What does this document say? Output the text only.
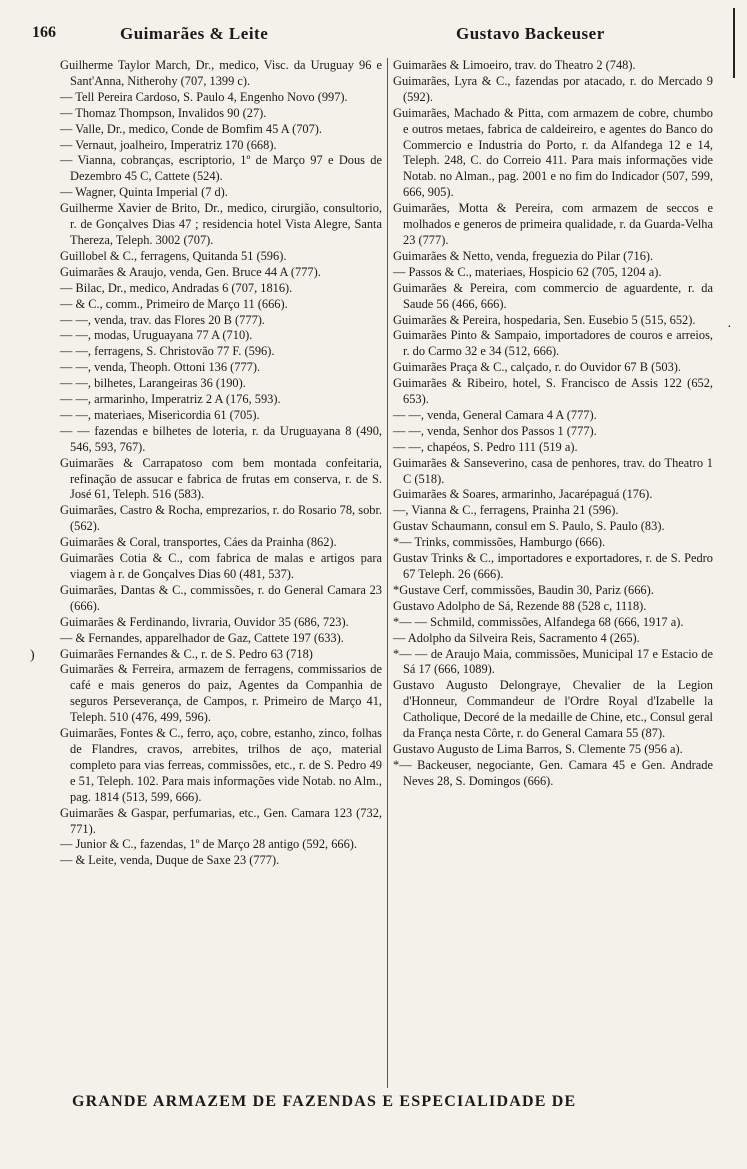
166	Guimarães & Leite	Gustavo Backeuser

Guilherme Taylor March, Dr., medico, Visc. da Uruguay 96 e Sant'Anna, Nitherohy (707, 1399 c).

— Tell Pereira Cardoso, S. Paulo 4, Engenho Novo (997).

— Thomaz Thompson, Invalidos 90 (27).

— Valle, Dr., medico, Conde de Bomfim 45 A (707).

— Vernaut, joalheiro, Imperatriz 170 (668).

— Vianna, cobranças, escriptorio, 1º de Março 97 e Dous de Dezembro 45 C, Cattete (524).

— Wagner, Quinta Imperial (7 d).

Guilherme Xavier de Brito, Dr., medico, cirurgião, consultorio, r. de Gonçalves Dias 47 ; residencia hotel Vista Alegre, Santa Thereza, Teleph. 3002 (707).

Guillobel & C., ferragens, Quitanda 51 (596).

Guimarães & Araujo, venda, Gen. Bruce 44 A (777).

— Bilac, Dr., medico, Andradas 6 (707, 1816).

— & C., comm., Primeiro de Março 11 (666).

— —, venda, trav. das Flores 20 B (777).

— —, modas, Uruguayana 77 A (710).

— —, ferragens, S. Christovão 77 F. (596).

— —, venda, Theoph. Ottoni 136 (777).

— —, bilhetes, Larangeiras 36 (190).

— —, armarinho, Imperatriz 2 A (176, 593).

— —, materiaes, Misericordia 61 (705).

— — fazendas e bilhetes de loteria, r. da Uruguayana 8 (490, 546, 593, 767).

Guimarães & Carrapatoso com bem montada confeitaria, refinação de assucar e fabrica de frutas em conserva, r. de S. José 61, Teleph. 516 (583).

Guimarães, Castro & Rocha, emprezarios, r. do Rosario 78, sobr. (562).

Guimarães & Coral, transportes, Cáes da Prainha (862).

Guimarães Cotia & C., com fabrica de malas e artigos para viagem à r. de Gonçalves Dias 60 (481, 537).

Guimarães, Dantas & C., commissões, r. do General Camara 23 (666).

Guimarães & Ferdinando, livraria, Ouvidor 35 (686, 723).

— & Fernandes, apparelhador de Gaz, Cattete 197 (633).

Guimarães Fernandes & C., r. de S. Pedro 63 (718)

Guimarães & Ferreira, armazem de ferragens, commissarios de café e mais generos do paiz, Agentes da Companhia de seguros Perseverança, de Campos, r. Primeiro de Março 41, Teleph. 510 (476, 499, 596).

Guimarães, Fontes & C., ferro, aço, cobre, estanho, zinco, folhas de Flandres, cravos, arrebites, trilhos de aço, material completo para vias ferreas, commissões, etc., r. de S. Pedro 49 e 51, Teleph. 102. Para mais informações vide Notab. no Alm., pag. 1814 (513, 599, 666).

Guimarães & Gaspar, perfumarias, etc., Gen. Camara 123 (732, 771).

— Junior & C., fazendas, 1º de Março 28 antigo (592, 666).

— & Leite, venda, Duque de Saxe 23 (777).

Guimarães & Limoeiro, trav. do Theatro 2 (748).

Guimarães, Lyra & C., fazendas por atacado, r. do Mercado 9 (592).

Guimarães, Machado & Pitta, com armazem de cobre, chumbo e outros metaes, fabrica de caldeireiro, e agentes do Banco do Commercio e Industria do Porto, r. da Alfandega 12 e 14, Teleph. 248, C. do Correio 411. Para mais informações vide Notab. no Alman., pag. 2001 e no fim do Indicador (507, 599, 666, 905).

Guimarães, Motta & Pereira, com armazem de seccos e molhados e generos de primeira qualidade, r. da Guarda-Velha 23 (777).

Guimarães & Netto, venda, freguezia do Pilar (716).

— Passos & C., materiaes, Hospicio 62 (705, 1204 a).

Guimarães & Pereira, com commercio de aguardente, r. da Saude 56 (466, 666).

Guimarães & Pereira, hospedaria, Sen. Eusebio 5 (515, 652).

Guimarães Pinto & Sampaio, importadores de couros e arreios, r. do Carmo 32 e 34 (512, 666).

Guimarães Praça & C., calçado, r. do Ouvidor 67 B (503).

Guimarães & Ribeiro, hotel, S. Francisco de Assis 122 (652, 653).

— —, venda, General Camara 4 A (777).

— —, venda, Senhor dos Passos 1 (777).

— —, chapéos, S. Pedro 111 (519 a).

Guimarães & Sanseverino, casa de penhores, trav. do Theatro 1 C (518).

Guimarães & Soares, armarinho, Jacarépaguá (176).

—, Vianna & C., ferragens, Prainha 21 (596).

Gustav Schaumann, consul em S. Paulo, S. Paulo (83).

*— Trinks, commissões, Hamburgo (666).

Gustav Trinks & C., importadores e exportadores, r. de S. Pedro 67 Teleph. 26 (666).

*Gustave Cerf, commissões, Baudin 30, Pariz (666).

Gustavo Adolpho de Sá, Rezende 88 (528 c, 1118).

*— — Schmild, commissões, Alfandega 68 (666, 1917 a).

— Adolpho da Silveira Reis, Sacramento 4 (265).

*— — de Araujo Maia, commissões, Municipal 17 e Estacio de Sá 17 (666, 1089).

Gustavo Augusto Delongraye, Chevalier de la Legion d'Honneur, Commandeur de l'Ordre Royal d'Izabelle la Catholique, Decoré de la medaille de Chine, etc., Consul geral da França nesta Côrte, r. do General Camara 55 (87).

Gustavo Augusto de Lima Barros, S. Clemente 75 (956 a).

*— Backeuser, negociante, Gen. Camara 45 e Gen. Andrade Neves 28, S. Domingos (666).

)
·
GRANDE ARMAZEM DE FAZENDAS E ESPECIALIDADE DE
